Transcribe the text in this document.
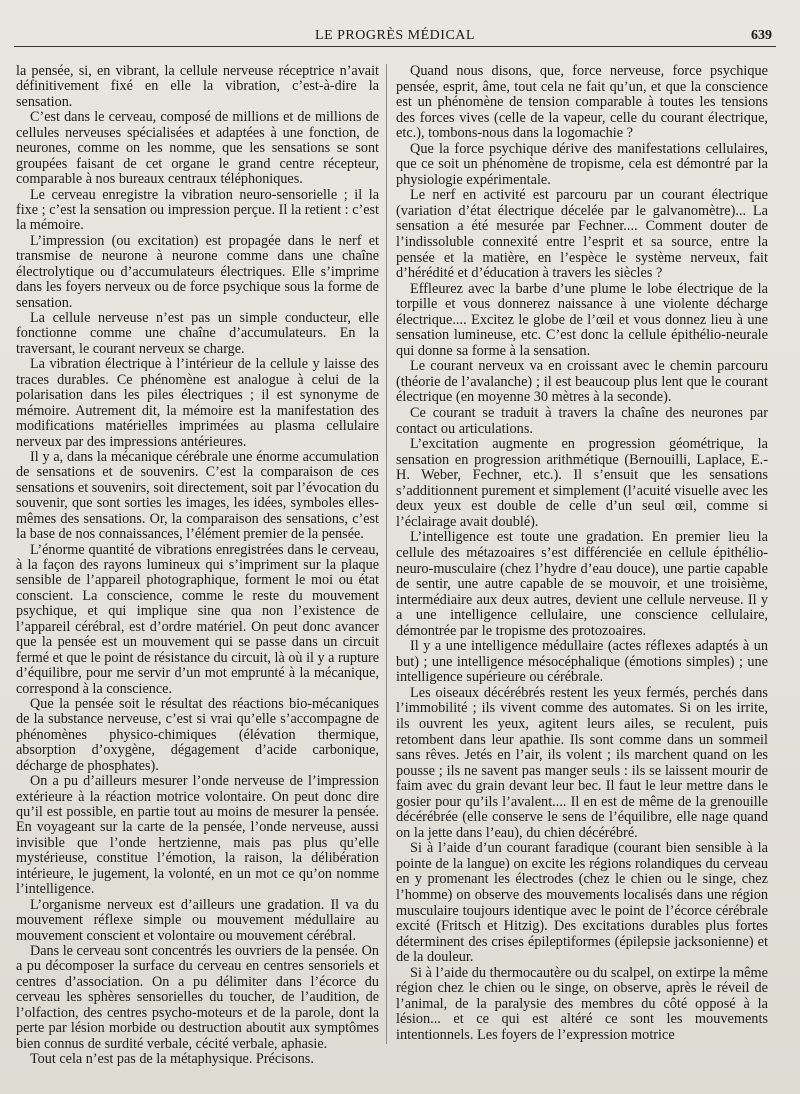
LE PROGRÈS MÉDICAL	639

la pensée, si, en vibrant, la cellule nerveuse réceptrice n’avait définitivement fixé en elle la vibration, c’est-à-dire la sensation.

C’est dans le cerveau, composé de millions et de millions de cellules nerveuses spécialisées et adaptées à une fonction, de neurones, comme on les nomme, que les sensations se sont groupées faisant de cet organe le grand centre récepteur, comparable à nos bureaux centraux téléphoniques.

Le cerveau enregistre la vibration neuro-sensorielle ; il la fixe ; c’est la sensation ou impression perçue. Il la retient : c’est la mémoire.

L’impression (ou excitation) est propagée dans le nerf et transmise de neurone à neurone comme dans une chaîne électrolytique ou d’accumulateurs électriques. Elle s’imprime dans les foyers nerveux ou de force psychique sous la forme de sensation.

La cellule nerveuse n’est pas un simple conducteur, elle fonctionne comme une chaîne d’accumulateurs. En la traversant, le courant nerveux se charge.

La vibration électrique à l’intérieur de la cellule y laisse des traces durables. Ce phénomène est analogue à celui de la polarisation dans les piles électriques ; il est synonyme de mémoire. Autrement dit, la mémoire est la manifestation des modifications matérielles imprimées au plasma cellulaire nerveux par des impressions antérieures.

Il y a, dans la mécanique cérébrale une énorme accumulation de sensations et de souvenirs. C’est la comparaison de ces sensations et souvenirs, soit directement, soit par l’évocation du souvenir, que sont sorties les images, les idées, symboles elles-mêmes des sensations. Or, la comparaison des sensations, c’est la base de nos connaissances, l’élément premier de la pensée.

L’énorme quantité de vibrations enregistrées dans le cerveau, à la façon des rayons lumineux qui s’impriment sur la plaque sensible de l’appareil photographique, forment le moi ou état conscient. La conscience, comme le reste du mouvement psychique, et qui implique sine qua non l’existence de l’appareil cérébral, est d’ordre matériel. On peut donc avancer que la pensée est un mouvement qui se passe dans un circuit fermé et que le point de résistance du circuit, là où il y a rupture d’équilibre, pour me servir d’un mot emprunté à la mécanique, correspond à la conscience.

Que la pensée soit le résultat des réactions bio-mécaniques de la substance nerveuse, c’est si vrai qu’elle s’accompagne de phénomènes physico-chimiques (élévation thermique, absorption d’oxygène, dégagement d’acide carbonique, décharge de phosphates).

On a pu d’ailleurs mesurer l’onde nerveuse de l’impression extérieure à la réaction motrice volontaire. On peut donc dire qu’il est possible, en partie tout au moins de mesurer la pensée. En voyageant sur la carte de la pensée, l’onde nerveuse, aussi invisible que l’onde hertzienne, mais pas plus qu’elle mystérieuse, constitue l’émotion, la raison, la délibération intérieure, le jugement, la volonté, en un mot ce qu’on nomme l’intelligence.

L’organisme nerveux est d’ailleurs une gradation. Il va du mouvement réflexe simple ou mouvement médullaire au mouvement conscient et volontaire ou mouvement cérébral.

Dans le cerveau sont concentrés les ouvriers de la pensée. On a pu décomposer la surface du cerveau en centres sensoriels et centres d’association. On a pu délimiter dans l’écorce du cerveau les sphères sensorielles du toucher, de l’audition, de l’olfaction, des centres psycho-moteurs et de la parole, dont la perte par lésion morbide ou destruction aboutit aux symptômes bien connus de surdité verbale, cécité verbale, aphasie.

Tout cela n’est pas de la métaphysique. Précisons.

Quand nous disons, que, force nerveuse, force psychique pensée, esprit, âme, tout cela ne fait qu’un, et que la conscience est un phénomène de tension comparable à toutes les tensions des forces vives (celle de la vapeur, celle du courant électrique, etc.), tombons-nous dans la logomachie ?

Que la force psychique dérive des manifestations cellulaires, que ce soit un phénomène de tropisme, cela est démontré par la physiologie expérimentale.

Le nerf en activité est parcouru par un courant électrique (variation d’état électrique décelée par le galvanomètre)... La sensation a été mesurée par Fechner.... Comment douter de l’indissoluble connexité entre l’esprit et sa source, entre la pensée et la matière, en l’espèce le système nerveux, fait d’hérédité et d’éducation à travers les siècles ?

Effleurez avec la barbe d’une plume le lobe électrique de la torpille et vous donnerez naissance à une violente décharge électrique.... Excitez le globe de l’œil et vous donnez lieu à une sensation lumineuse, etc. C’est donc la cellule épithélio-neurale qui donne sa forme à la sensation.

Le courant nerveux va en croissant avec le chemin parcouru (théorie de l’avalanche) ; il est beaucoup plus lent que le courant électrique (en moyenne 30 mètres à la seconde).

Ce courant se traduit à travers la chaîne des neurones par contact ou articulations.

L’excitation augmente en progression géométrique, la sensation en progression arithmétique (Bernouilli, Laplace, E.-H. Weber, Fechner, etc.). Il s’ensuit que les sensations s’additionnent purement et simplement (l’acuité visuelle avec les deux yeux est double de celle d’un seul œil, comme si l’éclairage avait doublé).

L’intelligence est toute une gradation. En premier lieu la cellule des métazoaires s’est différenciée en cellule épithélio-neuro-musculaire (chez l’hydre d’eau douce), une partie capable de sentir, une autre capable de se mouvoir, et une troisième, intermédiaire aux deux autres, devient une cellule nerveuse. Il y a une intelligence cellulaire, une conscience cellulaire, démontrée par le tropisme des protozoaires.

Il y a une intelligence médullaire (actes réflexes adaptés à un but) ; une intelligence mésocéphalique (émotions simples) ; une intelligence supérieure ou cérébrale.

Les oiseaux décérébrés restent les yeux fermés, perchés dans l’immobilité ; ils vivent comme des automates. Si on les irrite, ils ouvrent les yeux, agitent leurs ailes, se reculent, puis retombent dans leur apathie. Ils sont comme dans un sommeil sans rêves. Jetés en l’air, ils volent ; ils marchent quand on les pousse ; ils ne savent pas manger seuls : ils se laissent mourir de faim avec du grain devant leur bec. Il faut le leur mettre dans le gosier pour qu’ils l’avalent.... Il en est de même de la grenouille décérébrée (elle conserve le sens de l’équilibre, elle nage quand on la jette dans l’eau), du chien décérébré.

Si à l’aide d’un courant faradique (courant bien sensible à la pointe de la langue) on excite les régions rolandiques du cerveau en y promenant les électrodes (chez le chien ou le singe, chez l’homme) on observe des mouvements localisés dans une région musculaire toujours identique avec le point de l’écorce cérébrale excité (Fritsch et Hitzig). Des excitations durables plus fortes déterminent des crises épileptiformes (épilepsie jacksonienne) et de la douleur.

Si à l’aide du thermocautère ou du scalpel, on extirpe la même région chez le chien ou le singe, on observe, après le réveil de l’animal, de la paralysie des membres du côté opposé à la lésion... et ce qui est altéré ce sont les mouvements intentionnels. Les foyers de l’expression motrice
